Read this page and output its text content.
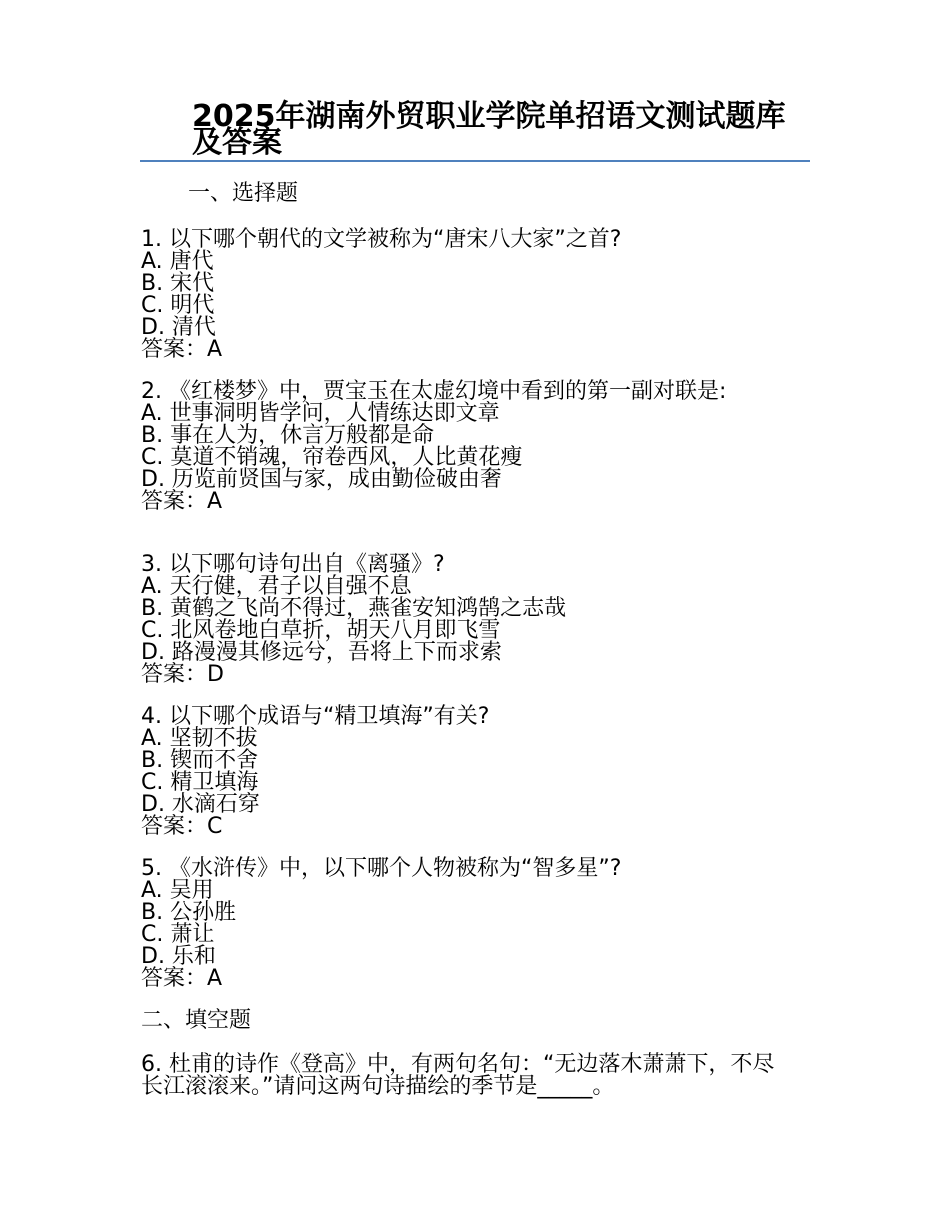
2025年湖南外贸职业学院单招语文测试题库及答案
一、选择题
1. 以下哪个朝代的文学被称为“唐宋八大家”之首?
A. 唐代
B. 宋代
C. 明代
D. 清代
答案：A
2. 《红楼梦》中，贾宝玉在太虚幻境中看到的第一副对联是:
A. 世事洞明皆学问，人情练达即文章
B. 事在人为，休言万般都是命
C. 莫道不销魂，帘卷西风，人比黄花瘦
D. 历览前贤国与家，成由勤俭破由奢
答案：A
3. 以下哪句诗句出自《离骚》?
A. 天行健，君子以自强不息
B. 黄鹤之飞尚不得过，燕雀安知鸿鹄之志哉
C. 北风卷地白草折，胡天八月即飞雪
D. 路漫漫其修远兮，吾将上下而求索
答案：D
4. 以下哪个成语与“精卫填海”有关?
A. 坚韧不拔
B. 锲而不舍
C. 精卫填海
D. 水滴石穿
答案：C
5. 《水浒传》中，以下哪个人物被称为“智多星”?
A. 吴用
B. 公孙胜
C. 萧让
D. 乐和
答案：A
二、填空题
6. 杜甫的诗作《登高》中，有两句名句：“无边落木萧萧下，不尽长江滚滚来。”请问这两句诗描绘的季节是_____。
